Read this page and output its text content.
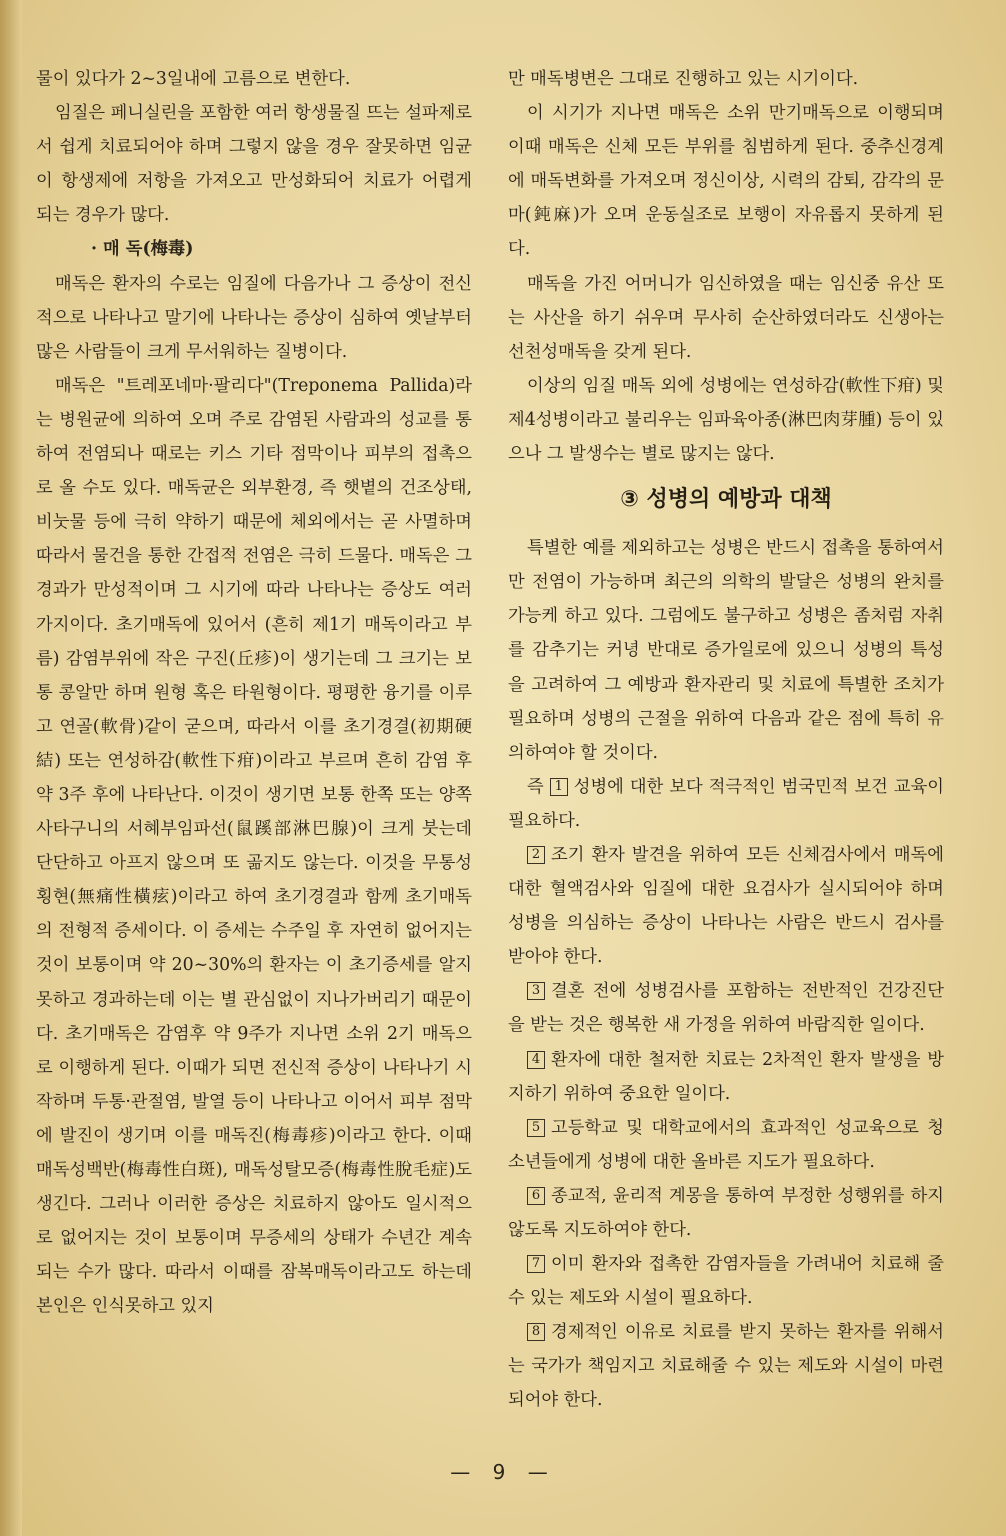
물이 있다가 2~3일내에 고름으로 변한다.

임질은 페니실린을 포함한 여러 항생물질 뜨는 설파제로서 쉽게 치료되어야 하며 그렇지 않을 경우 잘못하면 임균이 항생제에 저항을 가져오고 만성화되어 치료가 어렵게 되는 경우가 많다.

· 매 독(梅毒)

매독은 환자의 수로는 임질에 다음가나 그 증상이 전신적으로 나타나고 말기에 나타나는 증상이 심하여 옛날부터 많은 사람들이 크게 무서워하는 질병이다.

매독은 "트레포네마·팔리다"(Treponema Pallida)라는 병원균에 의하여 오며 주로 감염된 사람과의 성교를 통하여 전염되나 때로는 키스 기타 점막이나 피부의 접촉으로 올 수도 있다. 매독균은 외부환경, 즉 햇볕의 건조상태, 비눗물 등에 극히 약하기 때문에 체외에서는 곧 사멸하며 따라서 물건을 통한 간접적 전염은 극히 드물다. 매독은 그 경과가 만성적이며 그 시기에 따라 나타나는 증상도 여러가지이다. 초기매독에 있어서 (흔히 제1기 매독이라고 부름) 감염부위에 작은 구진(丘疹)이 생기는데 그 크기는 보통 콩알만 하며 원형 혹은 타원형이다. 평평한 융기를 이루고 연골(軟骨)같이 굳으며, 따라서 이를 초기경결(初期硬結) 또는 연성하감(軟性下疳)이라고 부르며 흔히 감염 후 약 3주 후에 나타난다. 이것이 생기면 보통 한쪽 또는 양쪽 사타구니의 서혜부임파선(鼠蹊部淋巴腺)이 크게 붓는데 단단하고 아프지 않으며 또 곪지도 않는다. 이것을 무통성횡현(無痛性橫痃)이라고 하여 초기경결과 함께 초기매독의 전형적 증세이다. 이 증세는 수주일 후 자연히 없어지는 것이 보통이며 약 20~30%의 환자는 이 초기증세를 알지 못하고 경과하는데 이는 별 관심없이 지나가버리기 때문이다. 초기매독은 감염후 약 9주가 지나면 소위 2기 매독으로 이행하게 된다. 이때가 되면 전신적 증상이 나타나기 시작하며 두통·관절염, 발열 등이 나타나고 이어서 피부 점막에 발진이 생기며 이를 매독진(梅毒疹)이라고 한다. 이때 매독성백반(梅毒性白斑), 매독성탈모증(梅毒性脫毛症)도 생긴다. 그러나 이러한 증상은 치료하지 않아도 일시적으로 없어지는 것이 보통이며 무증세의 상태가 수년간 계속되는 수가 많다. 따라서 이때를 잠복매독이라고도 하는데 본인은 인식못하고 있지

만 매독병변은 그대로 진행하고 있는 시기이다.

이 시기가 지나면 매독은 소위 만기매독으로 이행되며 이때 매독은 신체 모든 부위를 침범하게 된다. 중추신경계에 매독변화를 가져오며 정신이상, 시력의 감퇴, 감각의 문마(鈍麻)가 오며 운동실조로 보행이 자유롭지 못하게 된다.

매독을 가진 어머니가 임신하였을 때는 임신중 유산 또는 사산을 하기 쉬우며 무사히 순산하였더라도 신생아는 선천성매독을 갖게 된다.

이상의 임질 매독 외에 성병에는 연성하감(軟性下疳) 및 제4성병이라고 불리우는 임파육아종(淋巴肉芽腫) 등이 있으나 그 발생수는 별로 많지는 않다.

③ 성병의 예방과 대책

특별한 예를 제외하고는 성병은 반드시 접촉을 통하여서만 전염이 가능하며 최근의 의학의 발달은 성병의 완치를 가능케 하고 있다. 그럼에도 불구하고 성병은 좀처럼 자취를 감추기는 커녕 반대로 증가일로에 있으니 성병의 특성을 고려하여 그 예방과 환자관리 및 치료에 특별한 조치가 필요하며 성병의 근절을 위하여 다음과 같은 점에 특히 유의하여야 할 것이다.

즉 1 성병에 대한 보다 적극적인 범국민적 보건 교육이 필요하다.

2 조기 환자 발견을 위하여 모든 신체검사에서 매독에 대한 혈액검사와 임질에 대한 요검사가 실시되어야 하며 성병을 의심하는 증상이 나타나는 사람은 반드시 검사를 받아야 한다.

3 결혼 전에 성병검사를 포함하는 전반적인 건강진단을 받는 것은 행복한 새 가정을 위하여 바람직한 일이다.

4 환자에 대한 철저한 치료는 2차적인 환자 발생을 방지하기 위하여 중요한 일이다.

5 고등학교 및 대학교에서의 효과적인 성교육으로 청소년들에게 성병에 대한 올바른 지도가 필요하다.

6 종교적, 윤리적 계몽을 통하여 부정한 성행위를 하지 않도록 지도하여야 한다.

7 이미 환자와 접촉한 감염자들을 가려내어 치료해 줄 수 있는 제도와 시설이 필요하다.

8 경제적인 이유로 치료를 받지 못하는 환자를 위해서는 국가가 책임지고 치료해줄 수 있는 제도와 시설이 마련되어야 한다.

— 9 —
